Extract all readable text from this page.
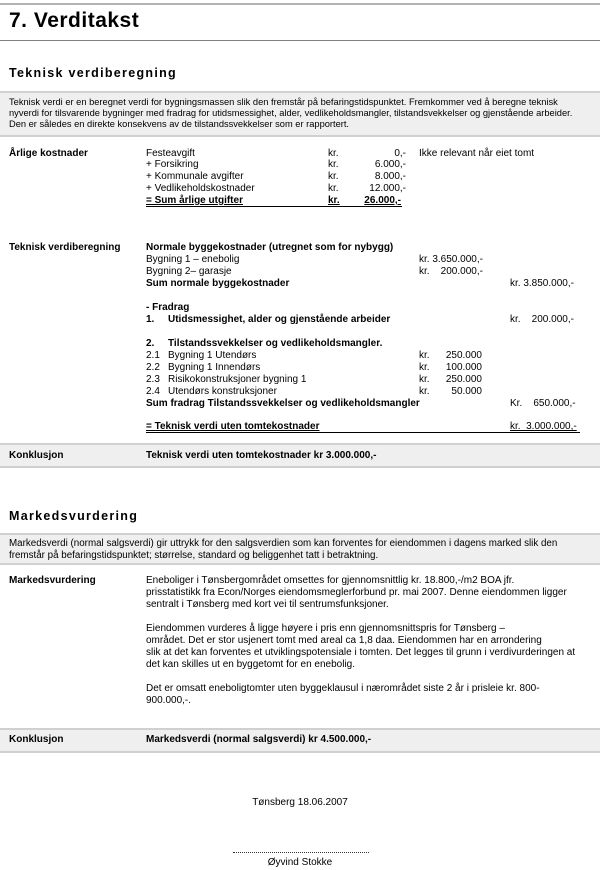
7. Verditakst
Teknisk verdiberegning
Teknisk verdi er en beregnet verdi for bygningsmassen slik den fremstår på befaringstidspunktet. Fremkommer ved å beregne teknisk
nyverdi for tilsvarende bygninger med fradrag for utidsmessighet, alder, vedlikeholdsmangler, tilstandsvekkelser og gjenstående arbeider.
Den er således en direkte konsekvens av de tilstandssvekkelser som er rapportert.
Årlige kostnader	Festeavgift	kr.	0,- Ikke relevant når eiet tomt
+ Forsikring	kr.	6.000,-
+ Kommunale avgifter	kr.	8.000,-
+ Vedlikeholdskostnader	kr.	12.000,-
= Sum årlige utgifter	kr.	26.000,-
Teknisk verdiberegning	Normale byggekostnader (utregnet som for nybygg)
Bygning 1 – enebolig	kr. 3.650.000,-
Bygning 2– garasje	kr.    200.000,-
Sum normale byggekostnader	kr. 3.850.000,-
- Fradrag
1. Utidsmessighet, alder og gjenstående arbeider	kr.    200.000,-
2. Tilstandssvekkelser og vedlikeholdsmangler.
2.1 Bygning 1 Utendørs	kr.	250.000
2.2 Bygning 1 Innendørs	kr.	100.000
2.3 Risikokonstruksjoner bygning 1	kr.	250.000
2.4 Utendørs konstruksjoner	kr.	50.000
Sum fradrag Tilstandssvekkelser og vedlikeholdsmangler	Kr.    650.000,-
= Teknisk verdi uten tomtekostnader	kr.  3.000.000,-
Konklusjon	Teknisk verdi uten tomtekostnader kr 3.000.000,-
Markedsvurdering
Markedsverdi (normal salgsverdi) gir uttrykk for den salgsverdien som kan forventes for eiendommen i dagens marked slik den
fremstår på befaringstidspunktet; størrelse, standard og beliggenhet tatt i betraktning.
Markedsvurdering	Eneboliger i Tønsbergområdet omsettes for gjennomsnittlig kr. 18.800,-/m2 BOA jfr.
prisstatistikk fra Econ/Norges eiendomsmeglerforbund pr. mai 2007. Denne eiendommen ligger
sentralt i Tønsberg med kort vei til sentrumsfunksjoner.
Eiendommen vurderes å ligge høyere i pris enn gjennomsnittspris for Tønsberg –
området. Det er stor usjenert tomt med areal ca 1,8 daa. Eiendommen har en arrondering
slik at det kan forventes et utviklingspotensiale i tomten. Det legges til grunn i verdivurderingen at
det kan skilles ut en byggetomt for en enebolig.
Det er omsatt eneboligtomter uten byggeklausul i nærområdet siste 2 år i prisleie kr. 800-
900.000,-.
Konklusjon	Markedsverdi (normal salgsverdi) kr 4.500.000,-
Tønsberg 18.06.2007
Øyvind Stokke
